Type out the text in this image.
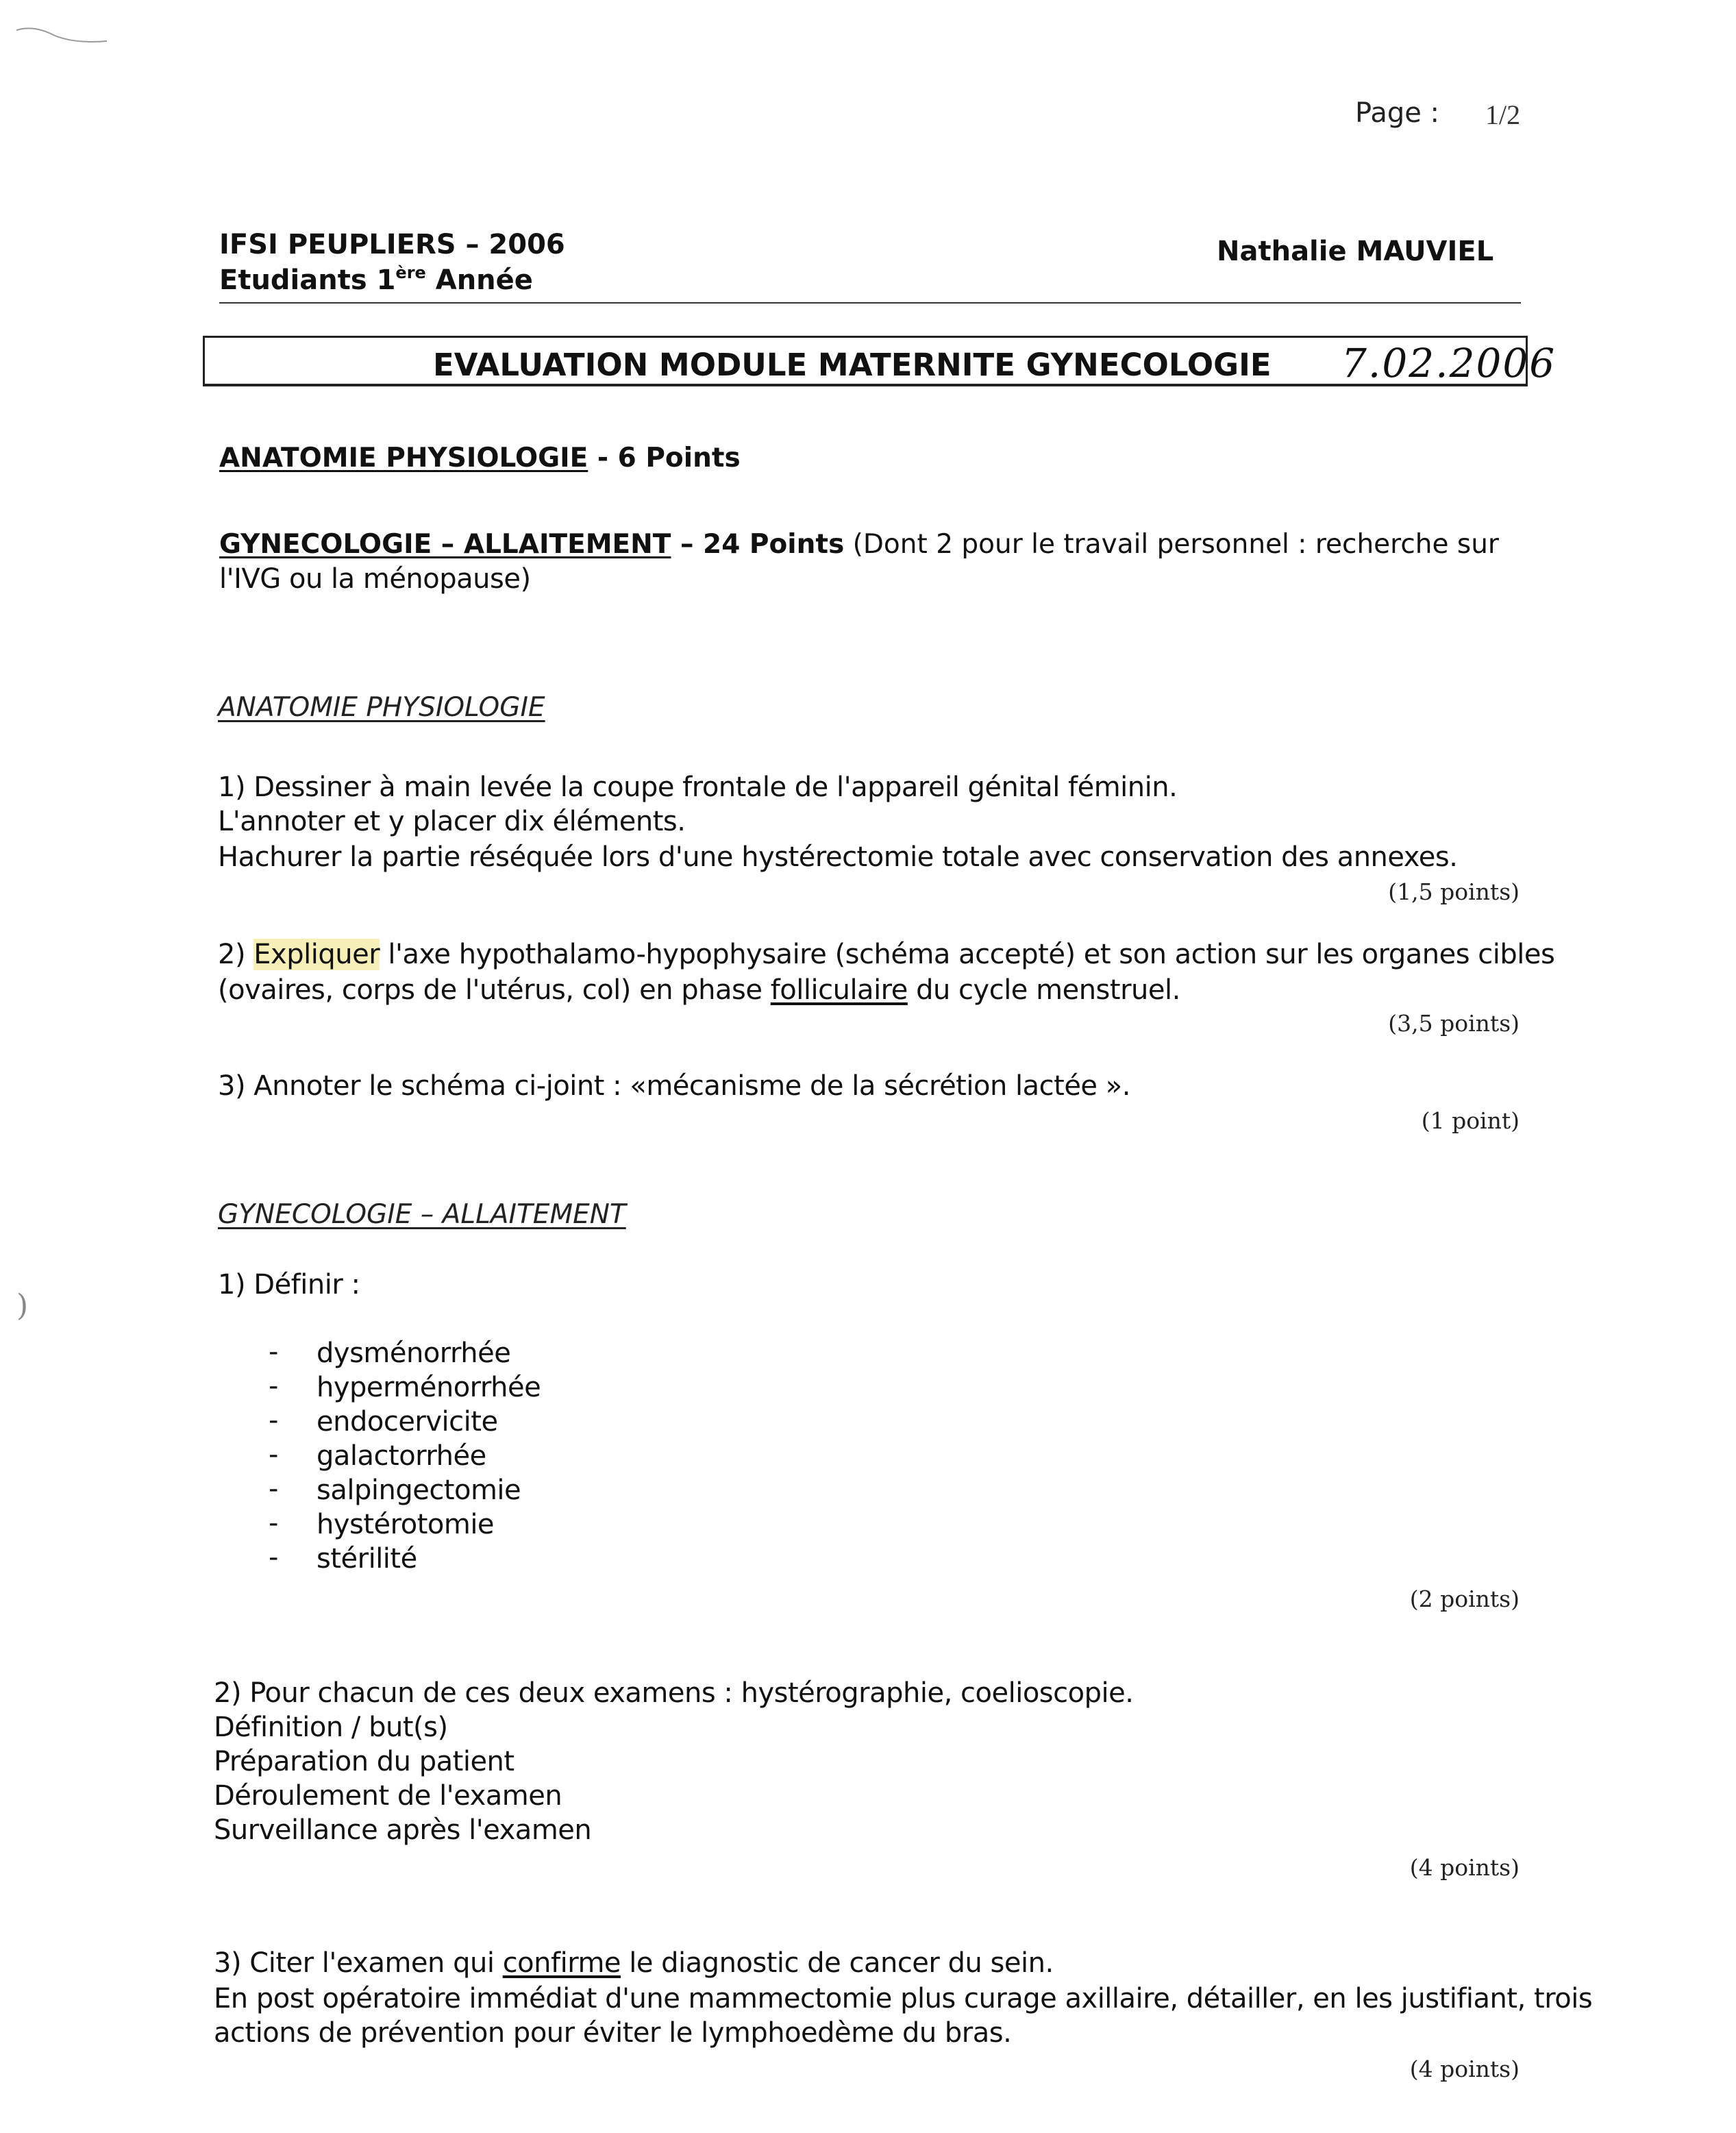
)
Page : 1/2
IFSI PEUPLIERS – 2006
Etudiants 1ère Année
Nathalie MAUVIEL
EVALUATION MODULE MATERNITE GYNECOLOGIE 7.02.2006
ANATOMIE PHYSIOLOGIE - 6 Points
GYNECOLOGIE – ALLAITEMENT – 24 Points (Dont 2 pour le travail personnel : recherche sur
l'IVG ou la ménopause)
ANATOMIE PHYSIOLOGIE
1) Dessiner à main levée la coupe frontale de l'appareil génital féminin.
L'annoter et y placer dix éléments.
Hachurer la partie réséquée lors d'une hystérectomie totale avec conservation des annexes.
(1,5 points)
2) Expliquer l'axe hypothalamo-hypophysaire (schéma accepté) et son action sur les organes cibles
(ovaires, corps de l'utérus, col) en phase folliculaire du cycle menstruel.
(3,5 points)
3) Annoter le schéma ci-joint : «mécanisme de la sécrétion lactée ».
(1 point)
GYNECOLOGIE – ALLAITEMENT
1) Définir :
- dysménorrhée
- hyperménorrhée
- endocervicite
- galactorrhée
- salpingectomie
- hystérotomie
- stérilité
(2 points)
2) Pour chacun de ces deux examens : hystérographie, coelioscopie.
Définition / but(s)
Préparation du patient
Déroulement de l'examen
Surveillance après l'examen
(4 points)
3) Citer l'examen qui confirme le diagnostic de cancer du sein.
En post opératoire immédiat d'une mammectomie plus curage axillaire, détailler, en les justifiant, trois
actions de prévention pour éviter le lymphoedème du bras.
(4 points)
